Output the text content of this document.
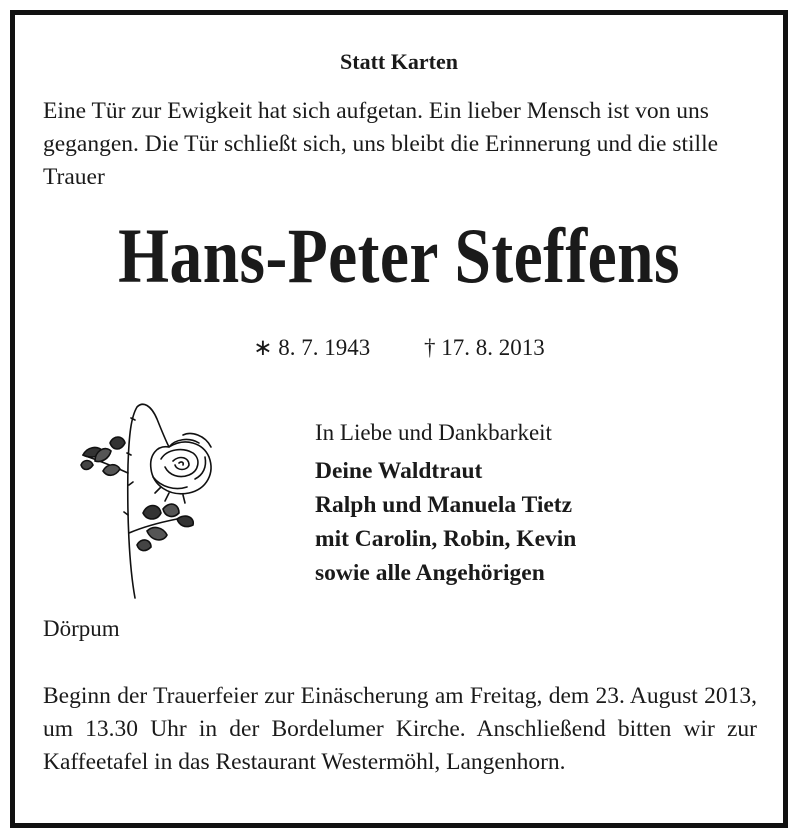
Statt Karten
Eine Tür zur Ewigkeit hat sich aufgetan. Ein lieber Mensch ist von uns gegangen. Die Tür schließt sich, uns bleibt die Erinnerung und die stille Trauer
Hans-Peter Steffens
∗ 8. 7. 1943 † 17. 8. 2013
In Liebe und Dankbarkeit
Deine Waldtraut
Ralph und Manuela Tietz
mit Carolin, Robin, Kevin
sowie alle Angehörigen
Dörpum
Beginn der Trauerfeier zur Einäscherung am Freitag, dem 23. August 2013, um 13.30 Uhr in der Bordelumer Kirche. Anschließend bitten wir zur Kaffeetafel in das Restaurant Westermöhl, Langenhorn.
